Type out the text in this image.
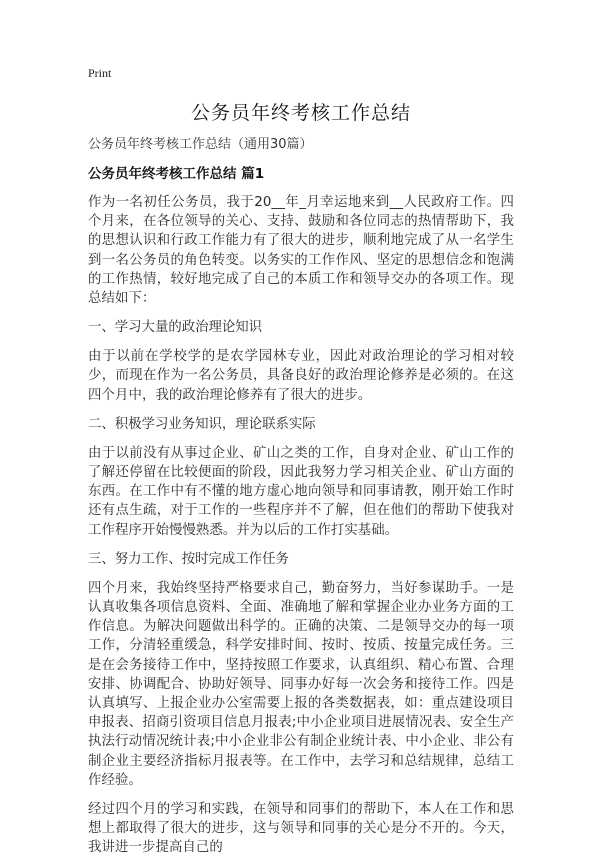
Print
公务员年终考核工作总结
公务员年终考核工作总结（通用30篇）
公务员年终考核工作总结 篇1

作为一名初任公务员，我于20__年_月幸运地来到__人民政府工作。四个月来，在各位领导的关心、支持、鼓励和各位同志的热情帮助下，我的思想认识和行政工作能力有了很大的进步，顺利地完成了从一名学生到一名公务员的角色转变。以务实的工作作风、坚定的思想信念和饱满的工作热情，较好地完成了自己的本质工作和领导交办的各项工作。现总结如下：

一、学习大量的政治理论知识

由于以前在学校学的是农学园林专业，因此对政治理论的学习相对较少，而现在作为一名公务员，具备良好的政治理论修养是必须的。在这四个月中，我的政治理论修养有了很大的进步。

二、积极学习业务知识，理论联系实际

由于以前没有从事过企业、矿山之类的工作，自身对企业、矿山工作的了解还停留在比较便面的阶段，因此我努力学习相关企业、矿山方面的东西。在工作中有不懂的地方虚心地向领导和同事请教，刚开始工作时还有点生疏，对于工作的一些程序并不了解，但在他们的帮助下使我对工作程序开始慢慢熟悉。并为以后的工作打实基础。

三、努力工作、按时完成工作任务

四个月来，我始终坚持严格要求自己，勤奋努力，当好参谋助手。一是认真收集各项信息资料、全面、准确地了解和掌握企业办业务方面的工作信息。为解决问题做出科学的。正确的决策、二是领导交办的每一项工作，分清轻重缓急，科学安排时间、按时、按质、按量完成任务。三是在会务接待工作中，坚持按照工作要求，认真组织、精心布置、合理安排、协调配合、协助好领导、同事办好每一次会务和接待工作。四是认真填写、上报企业办公室需要上报的各类数据表，如：重点建设项目申报表、招商引资项目信息月报表;中小企业项目进展情况表、安全生产执法行动情况统计表;中小企业非公有制企业统计表、中小企业、非公有制企业主要经济指标月报表等。在工作中，去学习和总结规律，总结工作经验。

经过四个月的学习和实践，在领导和同事们的帮助下，本人在工作和思想上都取得了很大的进步，这与领导和同事的关心是分不开的。今天，我讲进一步提高自己的
